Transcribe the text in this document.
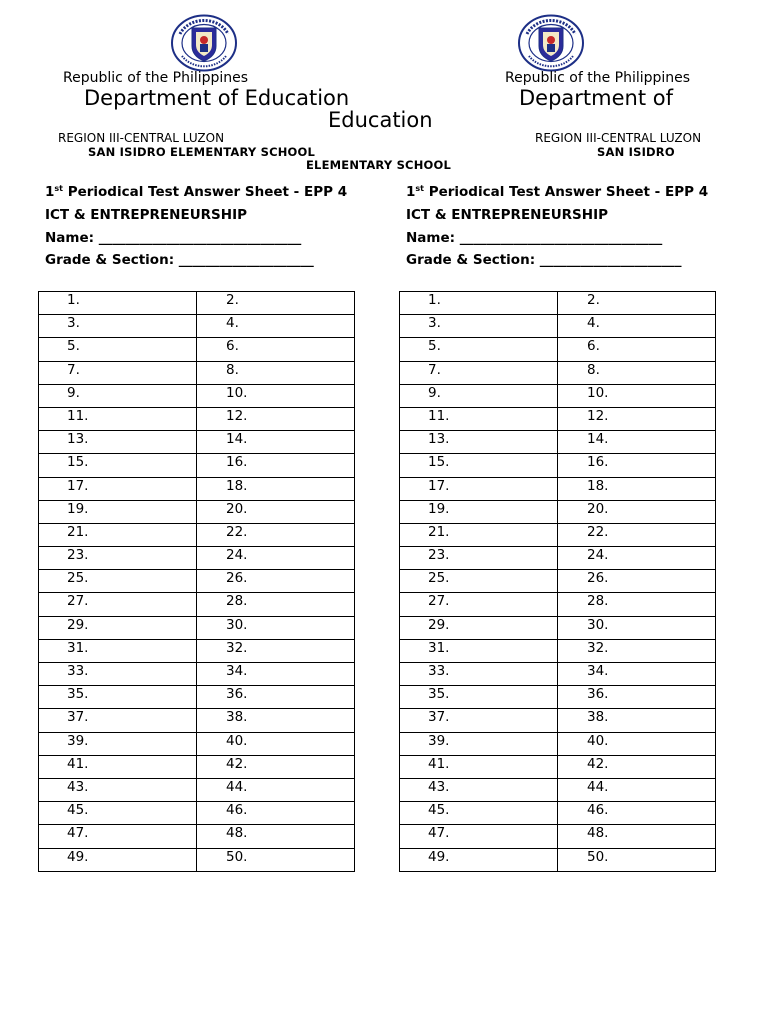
Republic of the Philippines
Department of Education
REGION III-CENTRAL LUZON
SAN ISIDRO ELEMENTARY SCHOOL
Republic of the Philippines
Department of
Education
REGION III-CENTRAL LUZON
SAN ISIDRO
ELEMENTARY SCHOOL
1st Periodical Test Answer Sheet - EPP 4
ICT & ENTREPRENEURSHIP
Name: ______________________________
Grade & Section: ____________________
1st Periodical Test Answer Sheet - EPP 4
ICT & ENTREPRENEURSHIP
Name: ______________________________
Grade & Section: _____________________
1.	2.
3.	4.
5.	6.
7.	8.
9.	10.
11.	12.
13.	14.
15.	16.
17.	18.
19.	20.
21.	22.
23.	24.
25.	26.
27.	28.
29.	30.
31.	32.
33.	34.
35.	36.
37.	38.
39.	40.
41.	42.
43.	44.
45.	46.
47.	48.
49.	50.
1.	2.
3.	4.
5.	6.
7.	8.
9.	10.
11.	12.
13.	14.
15.	16.
17.	18.
19.	20.
21.	22.
23.	24.
25.	26.
27.	28.
29.	30.
31.	32.
33.	34.
35.	36.
37.	38.
39.	40.
41.	42.
43.	44.
45.	46.
47.	48.
49.	50.
